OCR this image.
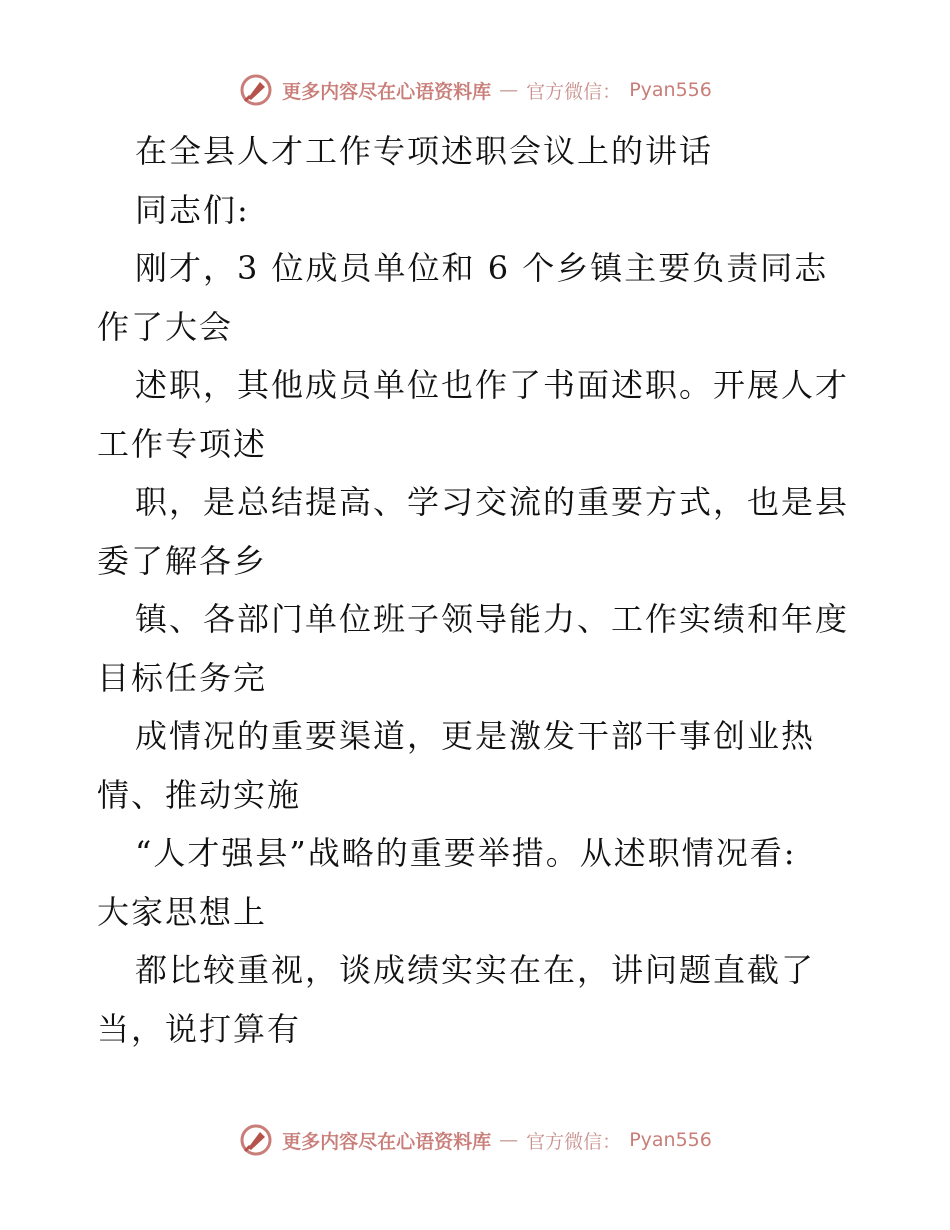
更多内容尽在心语资料库 — 官方微信： Pyan556
在全县人才工作专项述职会议上的讲话
同志们:
刚才，3 位成员单位和 6 个乡镇主要负责同志
作了大会
述职，其他成员单位也作了书面述职。开展人才
工作专项述
职，是总结提高、学习交流的重要方式，也是县
委了解各乡
镇、各部门单位班子领导能力、工作实绩和年度
目标任务完
成情况的重要渠道，更是激发干部干事创业热
情、推动实施
“人才强县”战略的重要举措。从述职情况看:
大家思想上
都比较重视，谈成绩实实在在，讲问题直截了
当，说打算有
更多内容尽在心语资料库 — 官方微信： Pyan556
